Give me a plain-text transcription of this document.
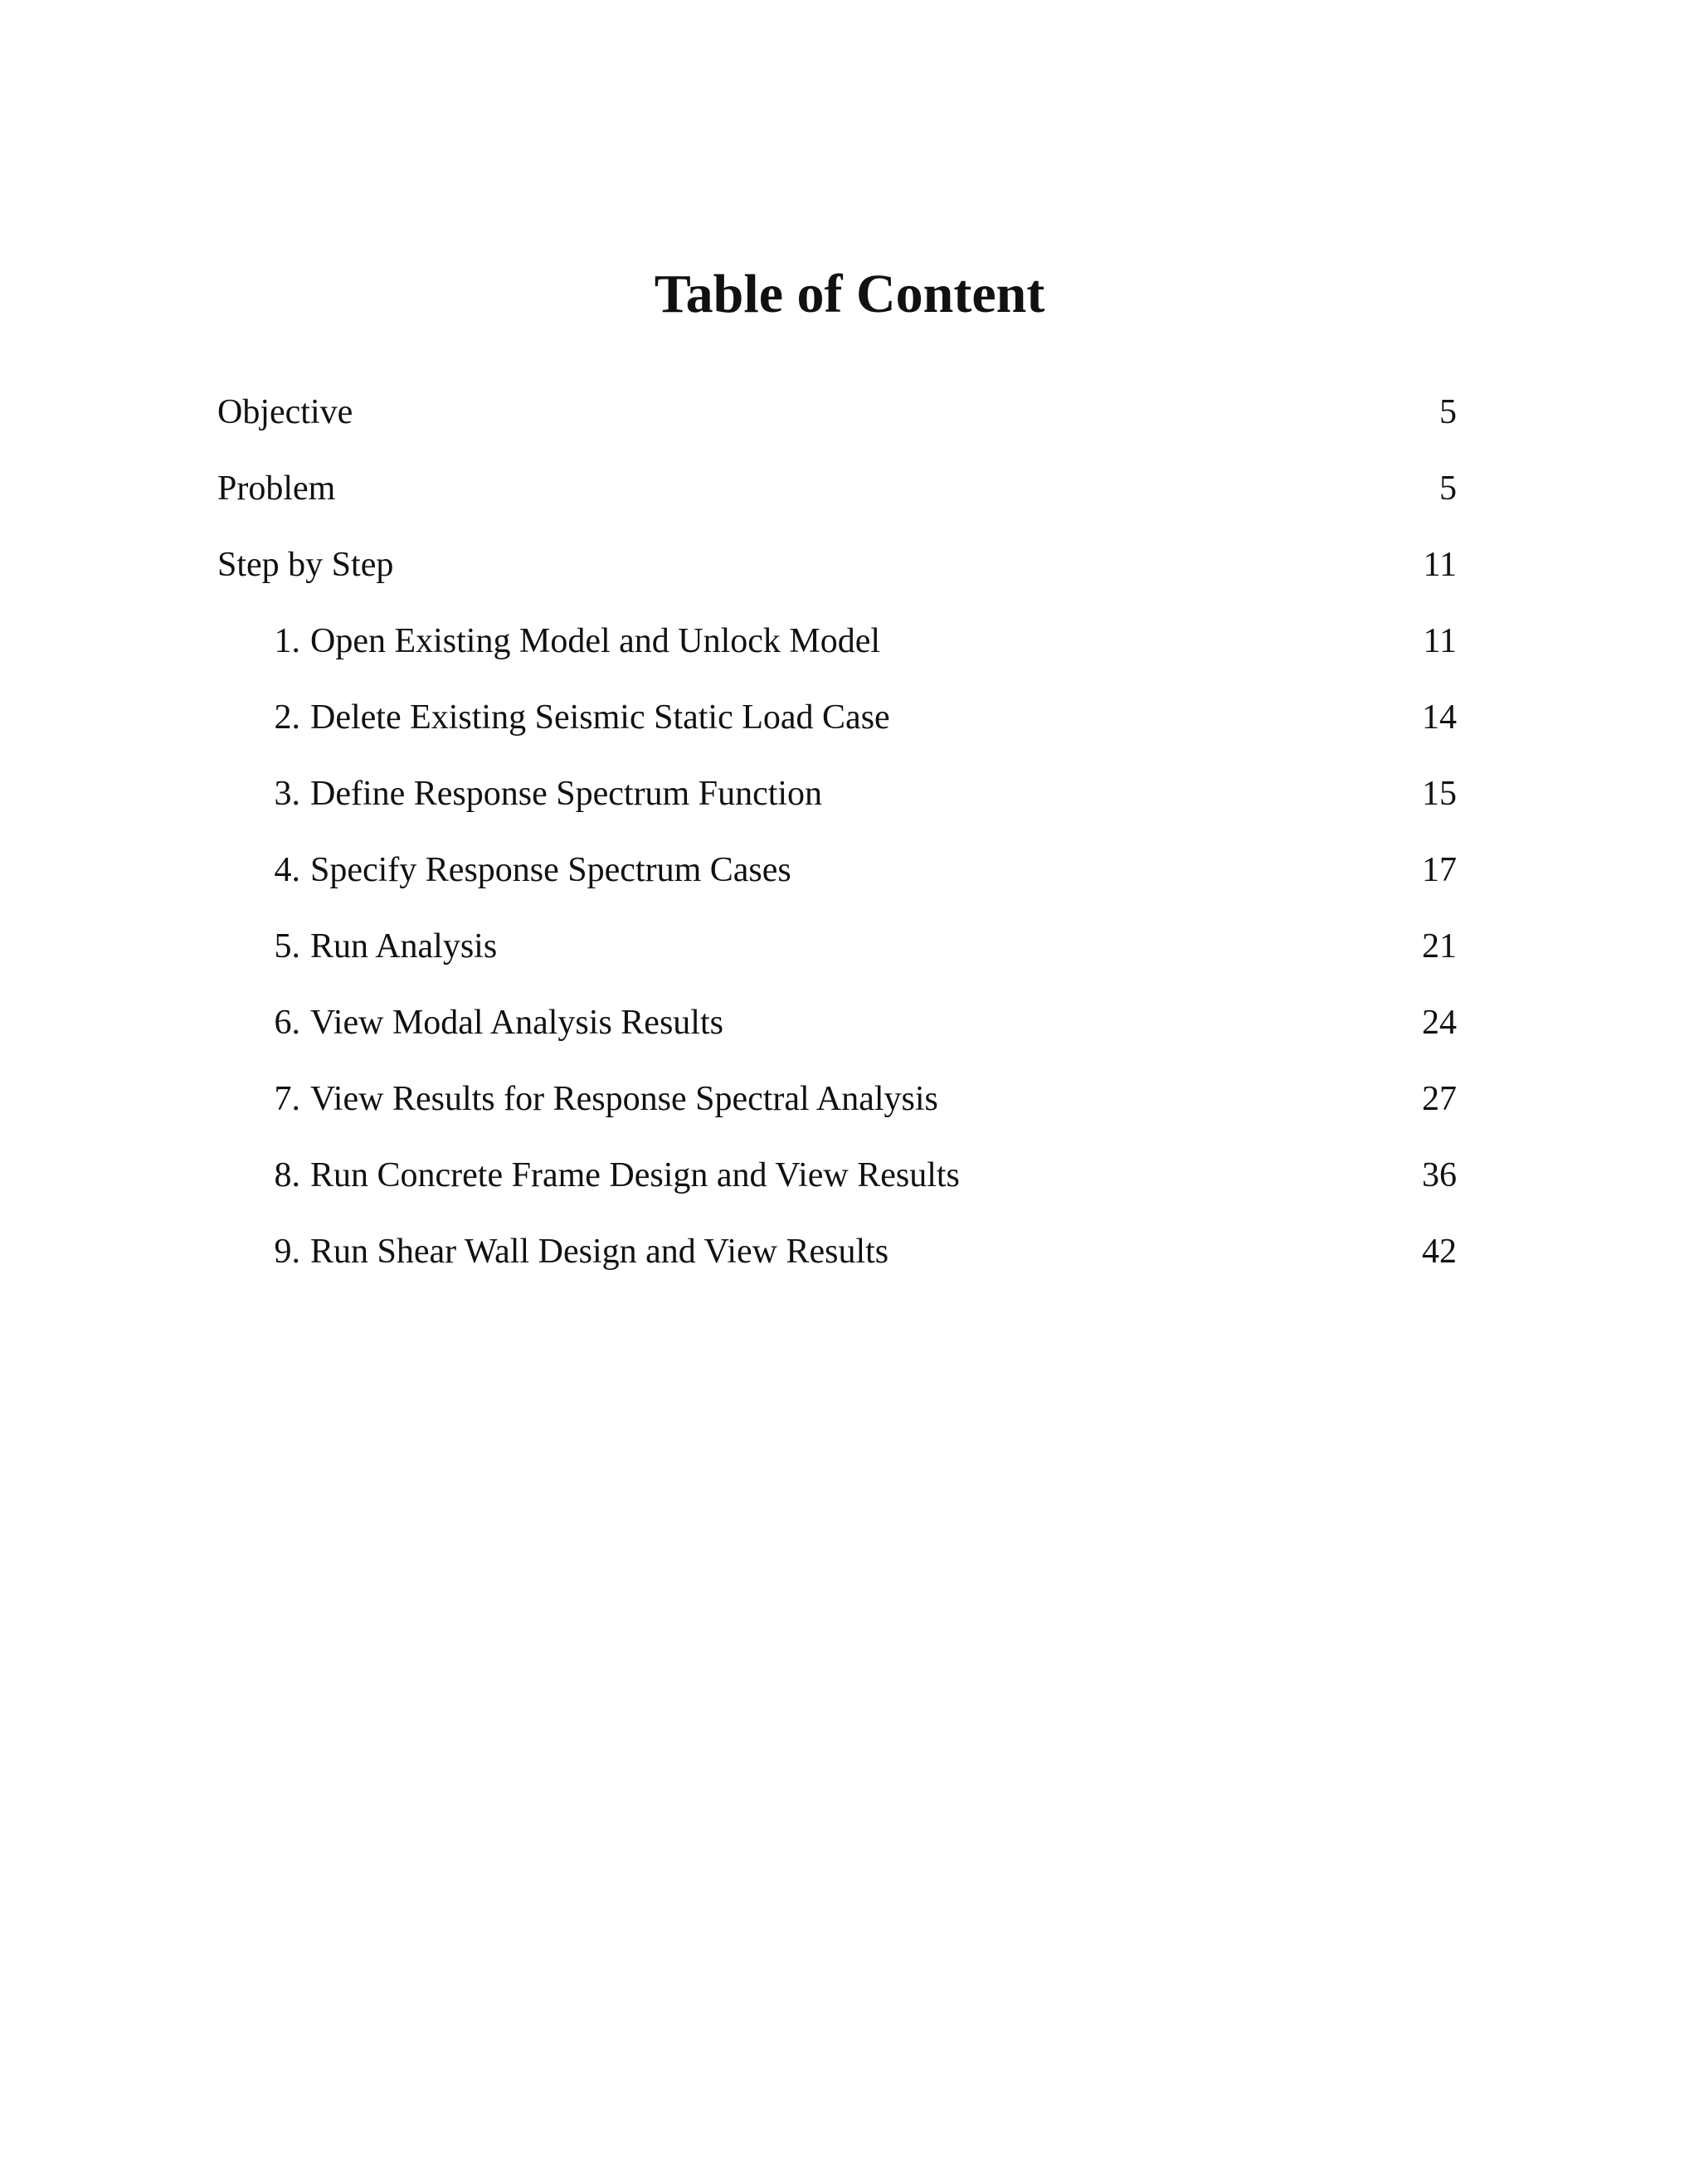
Table of Content
Objective	5
Problem	5
Step by Step	11
1. Open Existing Model and Unlock Model	11
2. Delete Existing Seismic Static Load Case	14
3. Define Response Spectrum Function	15
4. Specify Response Spectrum Cases	17
5. Run Analysis	21
6. View Modal Analysis Results	24
7. View Results for Response Spectral Analysis	27
8. Run Concrete Frame Design and View Results	36
9. Run Shear Wall Design and View Results	42
